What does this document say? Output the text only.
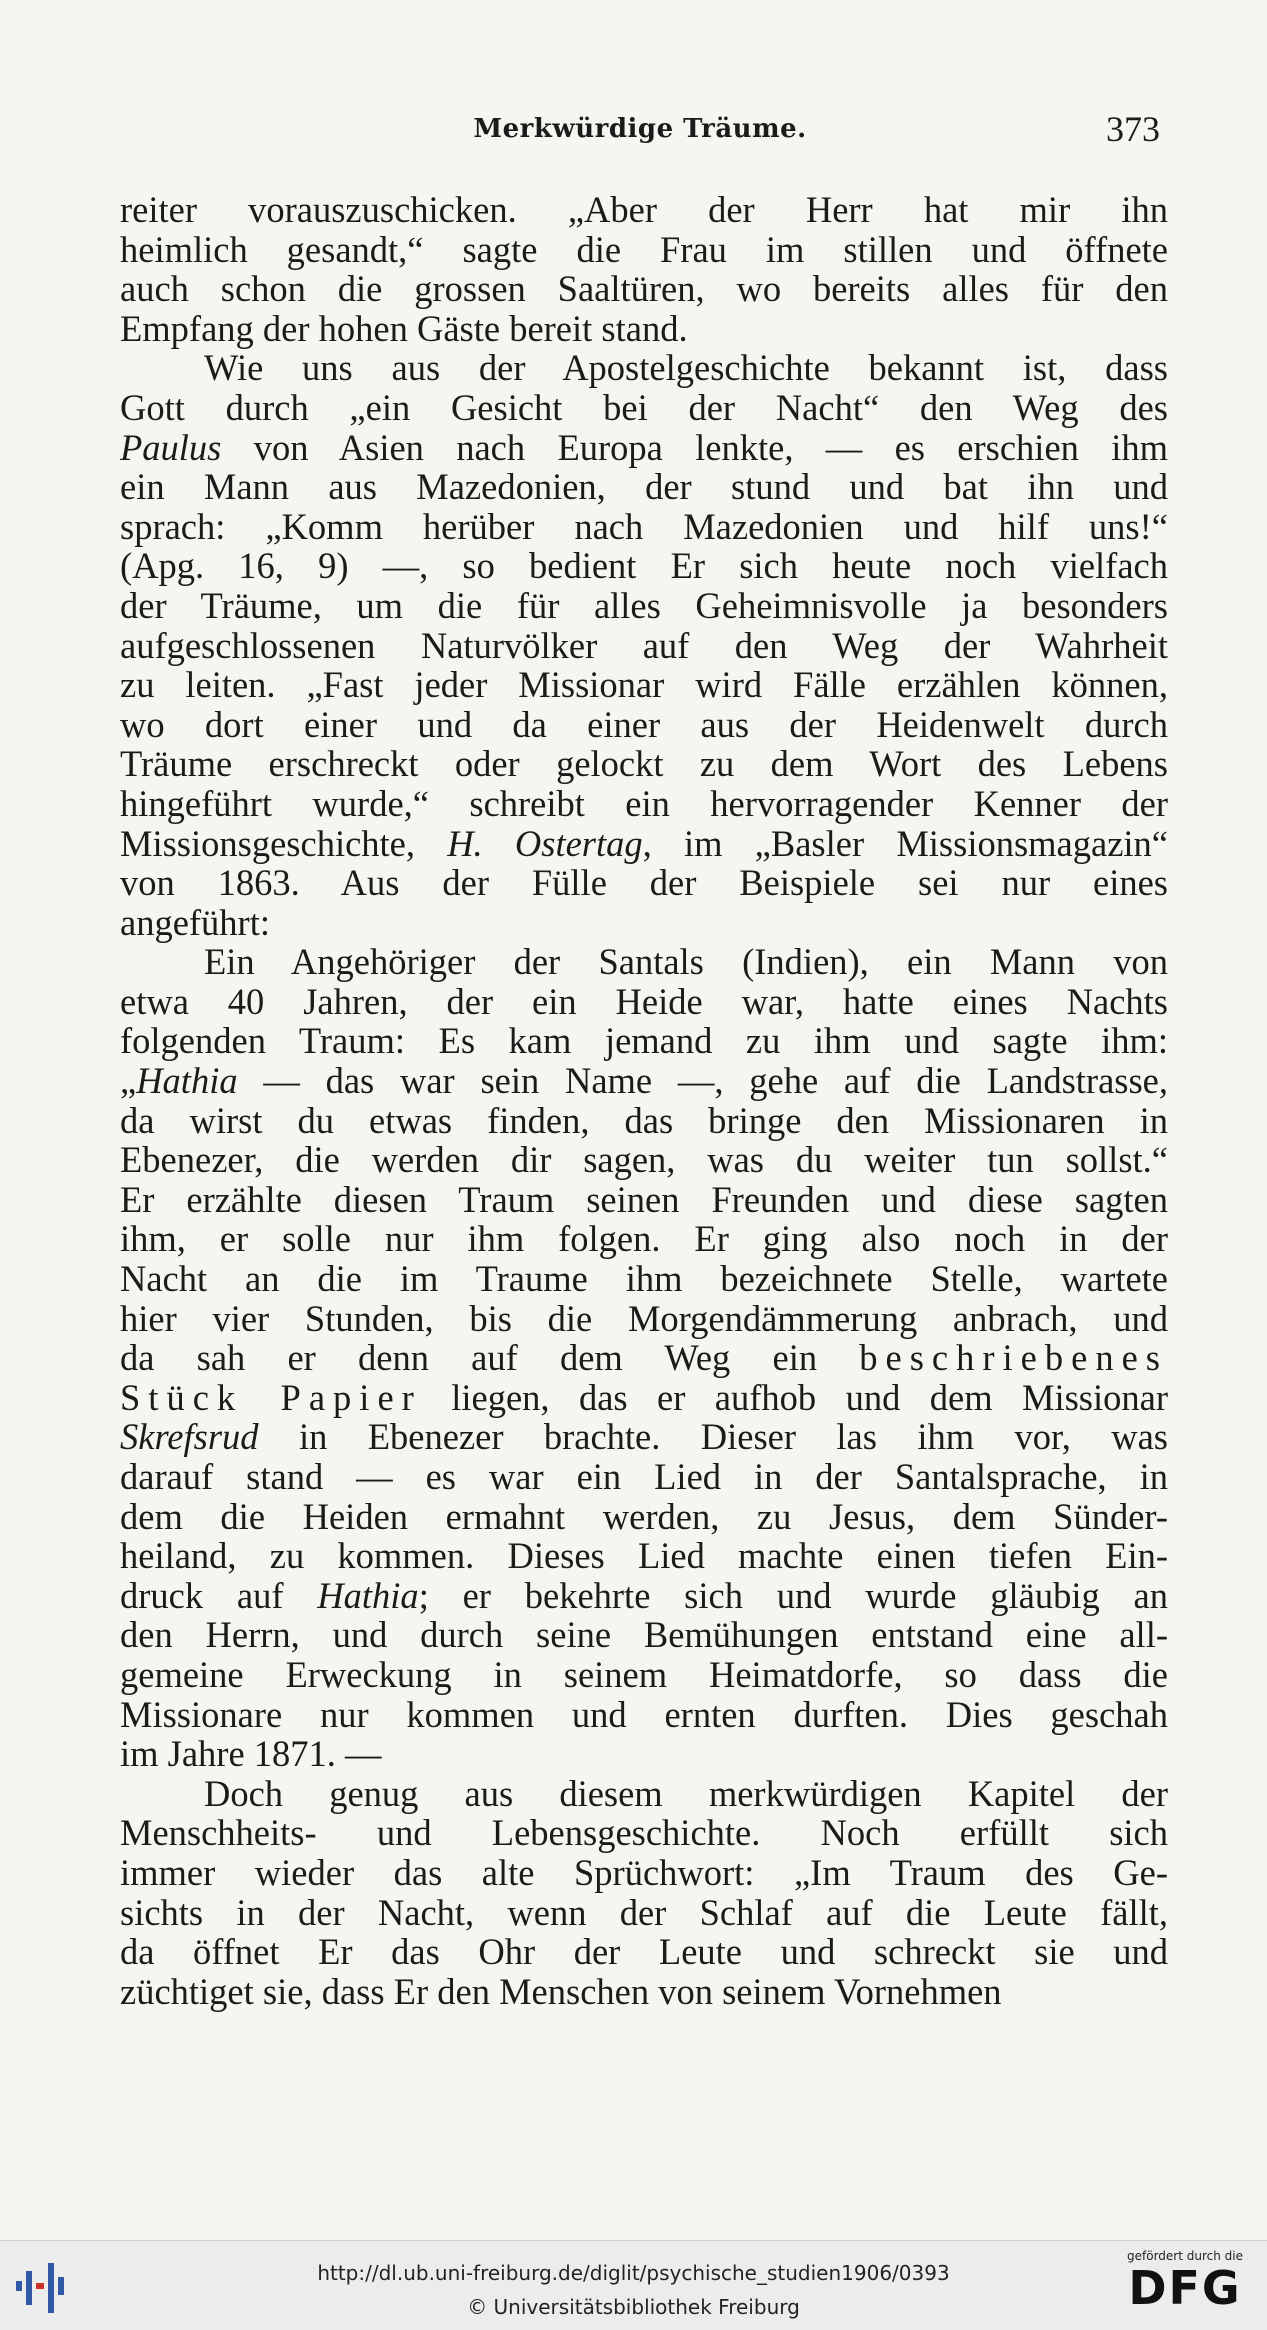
Merkwürdige Träume.	373
reiter vorauszuschicken. „Aber der Herr hat mir ihn
heimlich gesandt,“ sagte die Frau im stillen und öffnete
auch schon die grossen Saaltüren, wo bereits alles für den
Empfang der hohen Gäste bereit stand.
Wie uns aus der Apostelgeschichte bekannt ist, dass
Gott durch „ein Gesicht bei der Nacht“ den Weg des
Paulus von Asien nach Europa lenkte, — es erschien ihm
ein Mann aus Mazedonien, der stund und bat ihn und
sprach: „Komm herüber nach Mazedonien und hilf uns!“
(Apg. 16, 9) —, so bedient Er sich heute noch vielfach
der Träume, um die für alles Geheimnisvolle ja besonders
aufgeschlossenen Naturvölker auf den Weg der Wahrheit
zu leiten. „Fast jeder Missionar wird Fälle erzählen können,
wo dort einer und da einer aus der Heidenwelt durch
Träume erschreckt oder gelockt zu dem Wort des Lebens
hingeführt wurde,“ schreibt ein hervorragender Kenner der
Missionsgeschichte, H. Ostertag, im „Basler Missionsmagazin“
von 1863. Aus der Fülle der Beispiele sei nur eines
angeführt:
Ein Angehöriger der Santals (Indien), ein Mann von
etwa 40 Jahren, der ein Heide war, hatte eines Nachts
folgenden Traum: Es kam jemand zu ihm und sagte ihm:
„Hathia — das war sein Name —, gehe auf die Landstrasse,
da wirst du etwas finden, das bringe den Missionaren in
Ebenezer, die werden dir sagen, was du weiter tun sollst.“
Er erzählte diesen Traum seinen Freunden und diese sagten
ihm, er solle nur ihm folgen. Er ging also noch in der
Nacht an die im Traume ihm bezeichnete Stelle, wartete
hier vier Stunden, bis die Morgendämmerung anbrach, und
da sah er denn auf dem Weg ein beschriebenes
Stück Papier liegen, das er aufhob und dem Missionar
Skrefsrud in Ebenezer brachte. Dieser las ihm vor, was
darauf stand — es war ein Lied in der Santalsprache, in
dem die Heiden ermahnt werden, zu Jesus, dem Sünder-
heiland, zu kommen. Dieses Lied machte einen tiefen Ein-
druck auf Hathia; er bekehrte sich und wurde gläubig an
den Herrn, und durch seine Bemühungen entstand eine all-
gemeine Erweckung in seinem Heimatdorfe, so dass die
Missionare nur kommen und ernten durften. Dies geschah
im Jahre 1871. —
Doch genug aus diesem merkwürdigen Kapitel der
Menschheits- und Lebensgeschichte. Noch erfüllt sich
immer wieder das alte Sprüchwort: „Im Traum des Ge-
sichts in der Nacht, wenn der Schlaf auf die Leute fällt,
da öffnet Er das Ohr der Leute und schreckt sie und
züchtiget sie, dass Er den Menschen von seinem Vornehmen
http://dl.ub.uni-freiburg.de/diglit/psychische_studien1906/0393
© Universitätsbibliothek Freiburg
gefördert durch die
DFG
